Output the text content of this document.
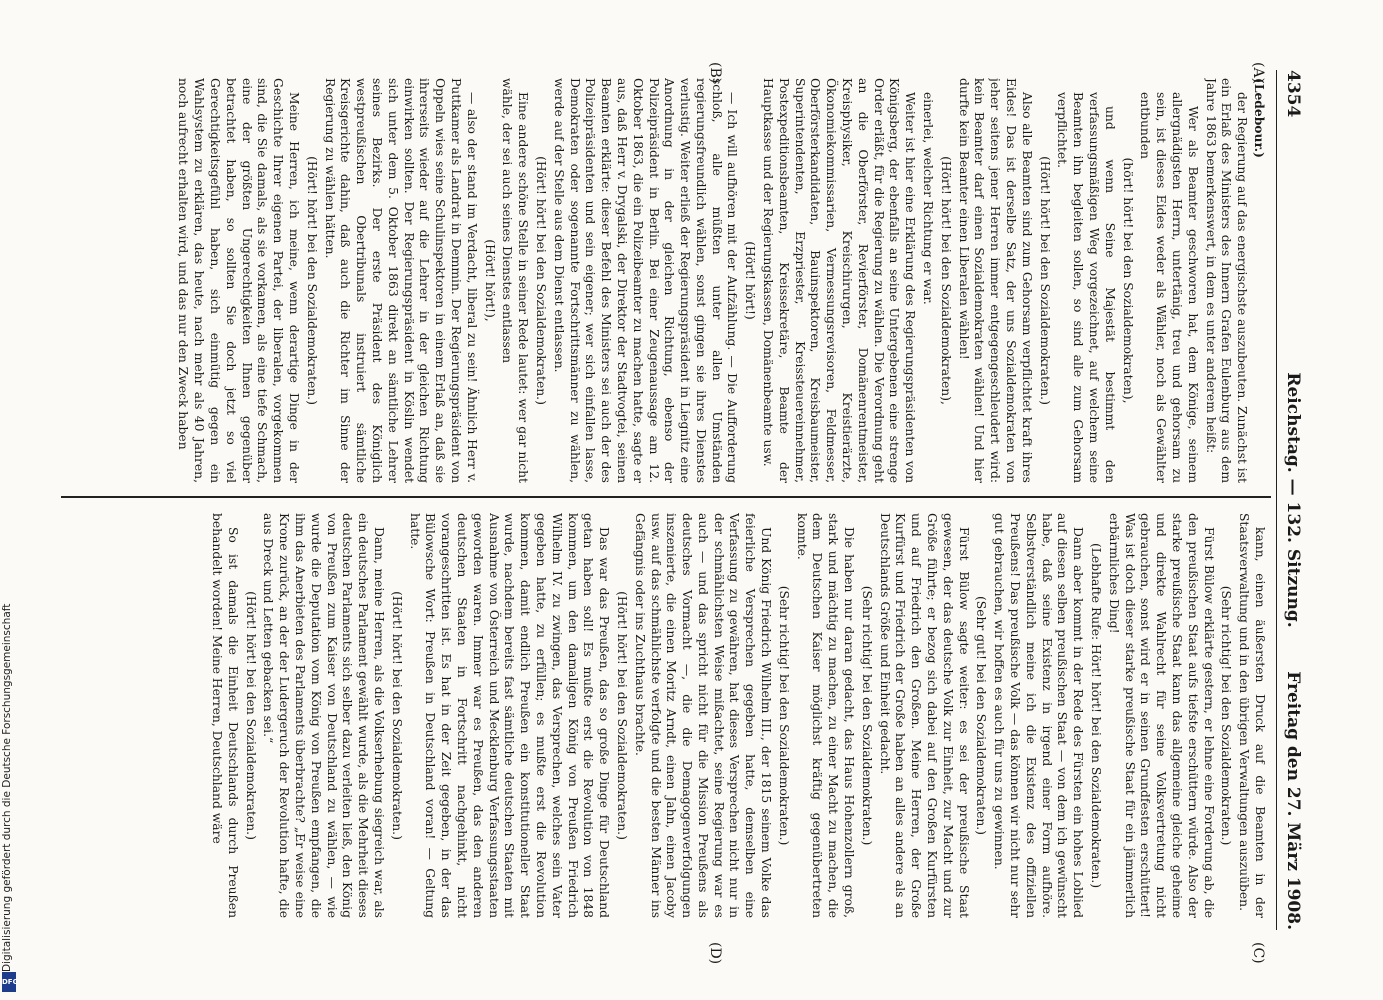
4354
Reichstag. — 132. Sitzung.
Freitag den 27. März 1908.
(A)
(B)
(C)
(D)

(Ledebour.)

der Regierung auf das energischste auszubeuten. Zunächst ist ein Erlaß des Ministers des Innern Grafen Eulenburg aus dem Jahre 1863 bemerkenswert, in dem es unter anderem heißt:

Wer als Beamter geschworen hat, dem Könige, seinem allergnädigsten Herrn, untertänig, treu und gehorsam zu sein, ist dieses Eides weder als Wähler, noch als Gewählter entbunden

(hört! hört! bei den Sozialdemokraten),

und wenn Seine Majestät bestimmt den verfassungsmäßigen Weg vorgezeichnet, auf welchem seine Beamten ihn begleiten sollen, so sind alle zum Gehorsam verpflichtet.

(Hört! hört! bei den Sozialdemokraten.)

Also alle Beamten sind zum Gehorsam verpflichtet kraft ihres Eides! Das ist derselbe Satz, der uns Sozialdemokraten von jeher seitens jener Herren immer entgegengeschleudert wird: kein Beamter darf einen Sozialdemokraten wählen! Und hier durfte kein Beamter einen Liberalen wählen!

(Hört! hört! bei den Sozialdemokraten),

einerlei, welcher Richtung er war.

Weiter ist hier eine Erklärung des Regierungspräsidenten von Königsberg, der ebenfalls an seine Untergebenen eine strenge Order erläßt, für die Regierung zu wählen. Die Verordnung geht an die Oberförster, Revierförster, Domänenrentmeister, Kreisphysiker, Kreischirurgen, Kreistierärzte, Ökonomiekommissarien, Vermessungsrevisoren, Feldmesser, Oberförsterkandidaten, Bauinspektoren, Kreisbaumeister, Superintendenten, Erzpriester, Kreissteuereinnehmer, Postexpeditionsbeamten, Kreissekretäre, Beamte der Hauptkasse und der Regierungskassen, Domänenbeamte usw.

(Hört! hört!)

— Ich will aufhören mit der Aufzählung. — Die Aufforderung schloß, alle müßten unter allen Umständen regierungsfreundlich wählen, sonst gingen sie ihres Dienstes verlustig. Weiter erließ der Regierungspräsident in Liegnitz eine Anordnung in der gleichen Richtung, ebenso der Polizeipräsident in Berlin. Bei einer Zeugenaussage am 12. Oktober 1863, die ein Polizeibeamter zu machen hatte, sagte er aus, daß Herr v. Drygalski, der Direktor der Stadtvogtei, seinen Beamten erklärte: dieser Befehl des Ministers sei auch der des Polizeipräsidenten und sein eigener; wer sich einfallen lasse, Demokraten oder sogenannte Fortschrittsmänner zu wählen, werde auf der Stelle aus dem Dienst entlassen.

(Hört! hört! bei den Sozialdemokraten.)

Eine andere schöne Stelle in seiner Rede lautet: wer gar nicht wähle, der sei auch seines Dienstes entlassen

(Hört! hört!),

— also der stand im Verdacht, liberal zu sein! Ähnlich Herr v. Puttkamer als Landrat in Demmin. Der Regierungspräsident von Oppeln wies seine Schulinspektoren in einem Erlaß an, daß sie ihrerseits wieder auf die Lehrer in der gleichen Richtung einwirken sollten. Der Regierungspräsident in Köslin wendet sich unter dem 5. Oktober 1863 direkt an sämtliche Lehrer seines Bezirks. Der erste Präsident des Königlich westpreußischen Obertribunals instruiert sämtliche Kreisgerichte dahin, daß auch die Richter im Sinne der Regierung zu wählen hätten.

(Hört! hört! bei den Sozialdemokraten.)

Meine Herren, ich meine, wenn derartige Dinge in der Geschichte Ihrer eigenen Partei, der liberalen, vorgekommen sind, die Sie damals, als sie vorkamen, als eine tiefe Schmach, eine der größten Ungerechtigkeiten Ihnen gegenüber betrachtet haben, so sollten Sie doch jetzt so viel Gerechtigkeitsgefühl haben, sich einmütig gegen ein Wahlsystem zu erklären, das heute, nach mehr als 40 Jahren, noch aufrecht erhalten wird, und das nur den Zweck haben

kann, einen äußersten Druck auf die Beamten in der Staatsverwaltung und in den übrigen Verwaltungen auszuüben.

(Sehr richtig! bei den Sozialdemokraten.)

Fürst Bülow erklärte gestern, er lehne eine Forderung ab, die den preußischen Staat aufs tiefste erschüttern würde. Also der starke preußische Staat kann das allgemeine gleiche geheime und direkte Wahlrecht für seine Volksvertretung nicht gebrauchen, sonst wird er in seinen Grundfesten erschüttert! Was ist doch dieser starke preußische Staat für ein jämmerlich erbärmliches Ding!

(Lebhafte Rufe: Hört! hört! bei den Sozialdemokraten.)

Dann aber kommt in der Rede des Fürsten ein hohes Loblied auf diesen selben preußischen Staat — von dem ich gewünscht habe, daß seine Existenz in irgend einer Form aufhöre. Selbstverständlich meine ich die Existenz des offiziellen Preußens! Das preußische Volk — das können wir nicht nur sehr gut gebrauchen, wir hoffen es auch für uns zu gewinnen.

(Sehr gut! bei den Sozialdemokraten.)

Fürst Bülow sagte weiter: es sei der preußische Staat gewesen, der das deutsche Volk zur Einheit, zur Macht und zur Größe führte; er bezog sich dabei auf den Großen Kurfürsten und auf Friedrich den Großen. Meine Herren, der Große Kurfürst und Friedrich der Große haben an alles andere als an Deutschlands Größe und Einheit gedacht.

(Sehr richtig! bei den Sozialdemokraten.)

Die haben nur daran gedacht, das Haus Hohenzollern groß, stark und mächtig zu machen, zu einer Macht zu machen, die dem Deutschen Kaiser möglichst kräftig gegenübertreten konnte.

(Sehr richtig! bei den Sozialdemokraten.)

Und König Friedrich Wilhelm III., der 1815 seinem Volke das feierliche Versprechen gegeben hatte, demselben eine Verfassung zu gewähren, hat dieses Versprechen nicht nur in der schmählichsten Weise mißachtet, seine Regierung war es auch — und das spricht nicht für die Mission Preußens als deutsches Vormacht —, die die Demagogenverfolgungen inszenierte, die einen Moritz Arndt, einen Jahn, einen Jacoby usw. auf das schmählichste verfolgte und die besten Männer ins Gefängnis oder ins Zuchthaus brachte.

(Hört! hört! bei den Sozialdemokraten.)

Das war das Preußen, das so große Dinge für Deutschland getan haben soll! Es mußte erst die Revolution von 1848 kommen, um den damaligen König von Preußen Friedrich Wilhelm IV. zu zwingen, das Versprechen, welches sein Vater gegeben hatte, zu erfüllen; es mußte erst die Revolution kommen, damit endlich Preußen ein konstitutioneller Staat wurde, nachdem bereits fast sämtliche deutschen Staaten mit Ausnahme von Österreich und Mecklenburg Verfassungsstaaten geworden waren. Immer war es Preußen, das den anderen deutschen Staaten in Fortschritt nachgehinkt, nicht vorangeschritten ist. Es hat in der Zeit gegeben, in der das Bülowsche Wort: Preußen in Deutschland voran! — Geltung hatte.

(Hört! hört! bei den Sozialdemokraten.)

Dann, meine Herren, als die Volkserhebung siegreich war, als ein deutsches Parlament gewählt wurde, als die Mehrheit dieses deutschen Parlaments sich selber dazu verleiten ließ, den König von Preußen zum Kaiser von Deutschland zu wählen, — wie wurde die Deputation vom König von Preußen empfangen, die ihm das Anerbieten des Parlaments überbrachte? „Er weise eine Krone zurück, an der der Ludergeruch der Revolution hafte, die aus Dreck und Letten gebacken sei.“

(Hört! hört! bei den Sozialdemokraten.)

So ist damals die Einheit Deutschlands durch Preußen behandelt worden! Meine Herren, Deutschland wäre

Digitalisierung gefördert durch die Deutsche Forschungsgemeinschaft
DFG
